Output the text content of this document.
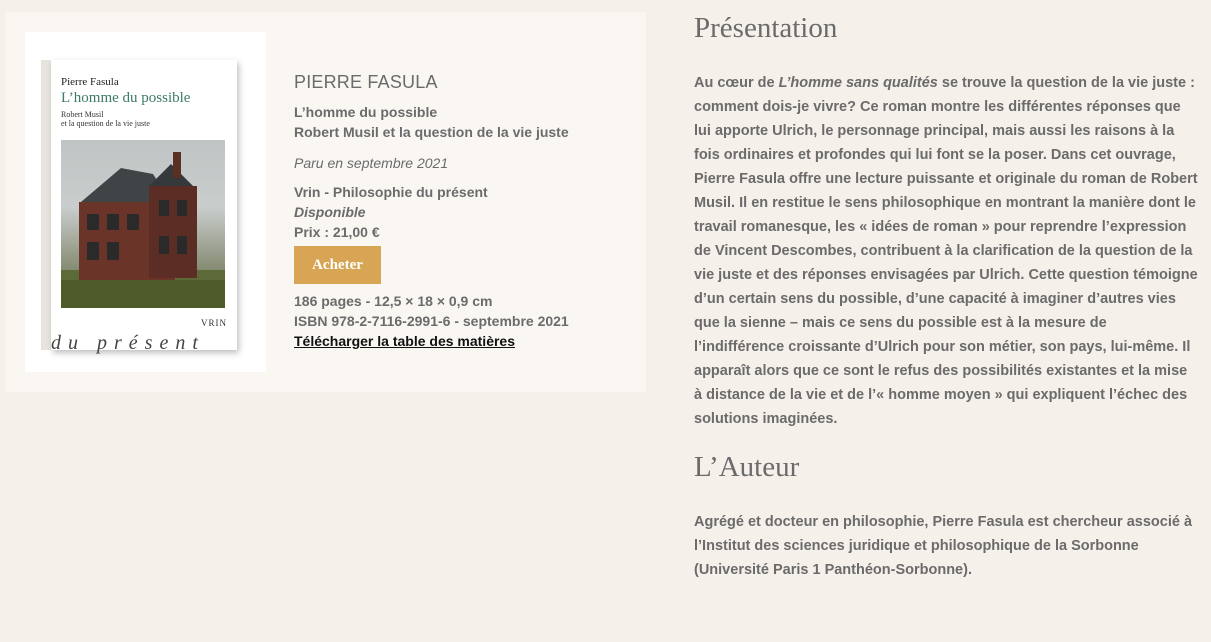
Pierre Fasula
L’homme du possible
Robert Musil
et la question de la vie juste
VRIN
du présent
PIERRE FASULA
L’homme du possible
Robert Musil et la question de la vie juste
Paru en septembre 2021
Vrin - Philosophie du présent
Disponible
Prix : 21,00 €
Acheter
186 pages - 12,5 × 18 × 0,9 cm
ISBN 978-2-7116-2991-6 - septembre 2021
Télécharger la table des matières
Présentation

Au cœur de L’homme sans qualités se trouve la question de la vie juste : comment dois-je vivre? Ce roman montre les différentes réponses que lui apporte Ulrich, le personnage principal, mais aussi les raisons à la fois ordinaires et profondes qui lui font se la poser. Dans cet ouvrage, Pierre Fasula offre une lecture puissante et originale du roman de Robert Musil. Il en restitue le sens philosophique en montrant la manière dont le travail romanesque, les « idées de roman » pour reprendre l’expression de Vincent Descombes, contribuent à la clarification de la question de la vie juste et des réponses envisagées par Ulrich. Cette question témoigne d’un certain sens du possible, d’une capacité à imaginer d’autres vies que la sienne – mais ce sens du possible est à la mesure de l’indifférence croissante d’Ulrich pour son métier, son pays, lui-même. Il apparaît alors que ce sont le refus des possibilités existantes et la mise à distance de la vie et de l’« homme moyen » qui expliquent l’échec des solutions imaginées.

L’Auteur

Agrégé et docteur en philosophie, Pierre Fasula est chercheur associé à l’Institut des sciences juridique et philosophique de la Sorbonne (Université Paris 1 Panthéon-Sorbonne).
